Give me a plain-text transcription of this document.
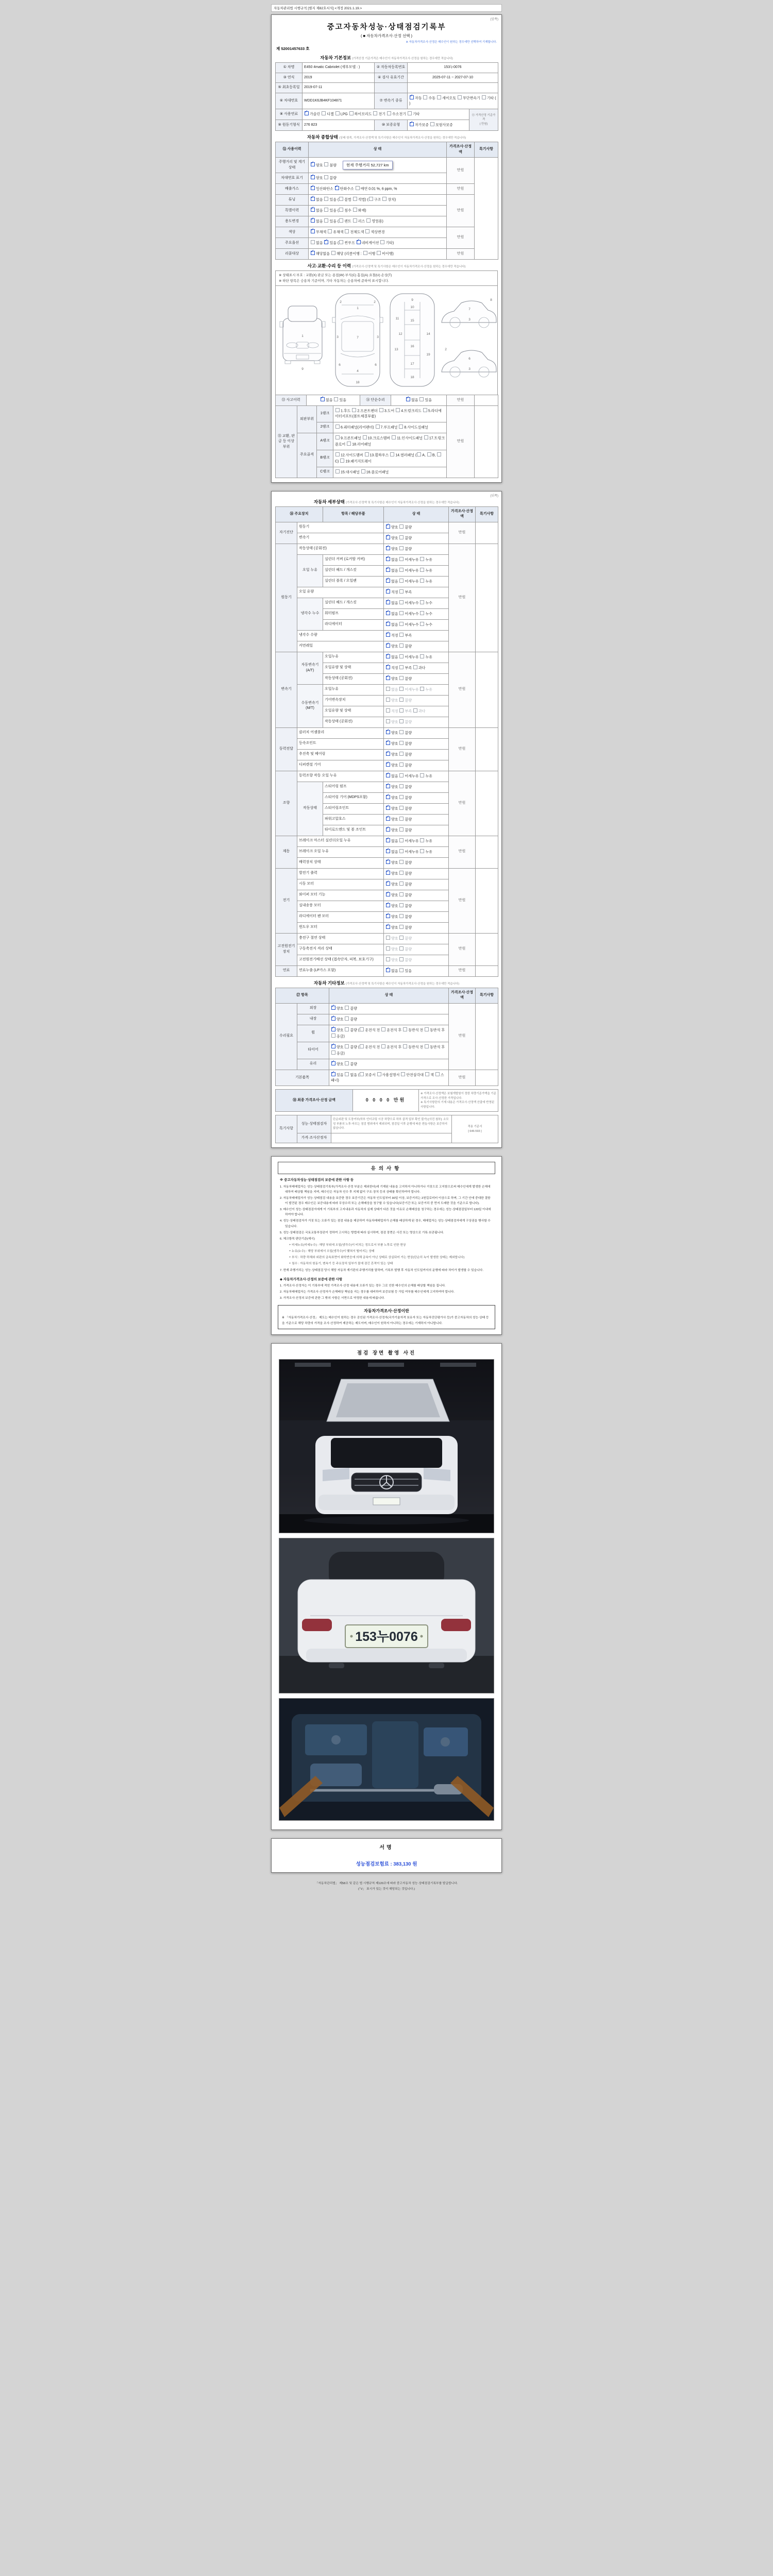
자동차관리법 시행규칙 [별지 제82호서식] <개정 2021.1.19.>
(앞쪽)
중고자동차성능·상태점검기록부
( ■ 자동차가격조사·산정 선택 )
※ 자동차가격조사·산정은 매수인이 원하는 경우에만 선택하여 기재합니다.
제 52001457633 호
자동차 기본정보 (가격산정 기준가격은 매수인이 자동차가격조사·산정을 원하는 경우에만 적습니다)
① 차명	E450 4matic Cabriolet (세부모델 : )	② 자동차등록번호	153누0076	
③ 연식	2019	④ 검사 유효기간	2025-07-11 ~ 2027-07-10	
⑤ 최초등록일	2019-07-11			
⑥ 차대번호	WDD1K6JB4KF104871	⑦ 변속기 종류	✓자동 수동 세미오토 무단변속기 기타 ( )
⑧ 사용연료	✓가솔린 디젤 LPG 하이브리드 전기 수소전기 기타			⑪ 가격산정 기준가격
( 만원)
⑨ 원동기형식	276 823	⑩ 보증유형	✓자가보증 보험사보증
자동차 종합상태 (상태·항목, 가격조사·산정액 및 특기사항은 매수인이 자동차가격조사·산정을 원하는 경우에만 적습니다)
⑫ 사용이력	상 태	가격조사·산정액	특기사항
주행거리 및 계기상태	✓양호 불량 현재 주행거리 52,727 km	만원	
차대번호 표기	✓양호 불량
배출가스	✓일산화탄소 ✓탄화수소 매연 0.01 %, 6 ppm, %	만원	
튜닝	✓없음 있음 ( 불법 적법) ( 구조 장치)	만원	
특별이력	✓없음 있음 ( 침수 화재)
용도변경	✓없음 있음 ( 렌트 리스 영업용)
색상	✓무채색 유채색 전체도색 색상변경	만원	
주요옵션	없음 ✓있음 ( 썬루프 ✓네비게이션 기타)
리콜대상	✓해당없음 해당 (리콜이행 : 이행 미이행)	만원	
사고·교환·수리 등 이력 (가격조사·산정액 및 특기사항은 매수인이 자동차가격조사·산정을 원하는 경우에만 적습니다)
※ 상태표시 부호 : 교환(X) 판금 또는 용접(W) 부식(C) 흠집(A) 요철(U) 손상(T)
※ 하단 항목은 승용차 기준이며, 기타 자동차는 승용차에 준하여 표시합니다.
1
9
1
2	2
3	3
7
6	6
4
18
9
10
11
12
13
14
15
16
17
18
19
7
3
8
6
3
2
⑬ 사고이력	✓없음 있음	⑭ 단순수리	✓없음 있음	만원	
⑮ 교환, 판금 등 이상 부위	외판부위	1랭크	1.후드 2.프론트펜더 3.도어 4.트렁크리드 5.라디에이터서포트(볼트체결부품)	만원	
		2랭크	6.쿼터패널(리어펜더) 7.루프패널 8.사이드실패널		
	주요골격	A랭크	9.프론트패널 10.크로스멤버 11.인사이드패널 17.트렁크플로어 18.리어패널		
		B랭크	12.사이드멤버 13.휠하우스 14.필러패널 ( A, B, C) 19.패키지트레이		
		C랭크	15.대시패널 16.플로어패널		
(뒤쪽)
자동차 세부상태 (가격조사·산정액 및 특기사항은 매수인이 자동차가격조사·산정을 원하는 경우에만 적습니다)
⑯ 주요장치		항목 / 해당부품	상 태	가격조사·산정액	특기사항
자기진단	원동기	✓양호 불량	만원	
	변속기	✓양호 불량
원동기	작동상태 (공회전)	✓양호 불량	만원	
	오일 누유	실린더 커버 (로커암 커버)	✓없음 미세누유 누유
		실린더 헤드 / 개스킷	✓없음 미세누유 누유
		실린더 블록 / 오일팬	✓없음 미세누유 누유
	오일 유량	✓적정 부족
	냉각수 누수	실린더 헤드 / 개스킷	✓없음 미세누수 누수
		워터펌프	✓없음 미세누수 누수
		라디에이터	✓없음 미세누수 누수
	냉각수 수량	✓적정 부족
	커먼레일	✓양호 불량
변속기	자동변속기 (A/T)	오일누유	✓없음 미세누유 누유	만원	
		오일유량 및 상태	✓적정 부족 과다
		작동상태 (공회전)	✓양호 불량
	수동변속기 (M/T)	오일누유	없음 미세누유 누유		
		기어변속장치	양호 불량		
		오일유량 및 상태	적정 부족 과다		
		작동상태 (공회전)	양호 불량		
동력전달	클러치 어셈블리	✓양호 불량	만원	
	등속조인트	✓양호 불량
	추진축 및 베어링	✓양호 불량
	디퍼렌셜 기어	✓양호 불량
조향	동력조향 작동 오일 누유	✓없음 미세누유 누유	만원	
	작동상태	스티어링 펌프	✓양호 불량
		스티어링 기어 (MDPS포함)	✓양호 불량
		스티어링조인트	✓양호 불량
		파워고압호스	✓양호 불량
		타이로드엔드 및 볼 조인트	✓양호 불량
제동	브레이크 마스터 실린더오일 누유	✓없음 미세누유 누유	만원	
	브레이크 오일 누유	✓없음 미세누유 누유
	배력장치 상태	✓양호 불량
전기	발전기 출력	✓양호 불량	만원	
	시동 모터	✓양호 불량
	와이퍼 모터 기능	✓양호 불량
	실내송풍 모터	✓양호 불량
	라디에이터 팬 모터	✓양호 불량
	윈도우 모터	✓양호 불량
고전원전기장치	충전구 절연 상태		양호 불량	만원	
	구동축전지 격리 상태		양호 불량		
	고전원전기배선 상태 (접속단자, 피복, 보호기구)		양호 불량		
연료	연료누출 (LP가스 포함)	✓없음 있음	만원	
자동차 기타정보 (가격조사·산정액 및 특기사항은 매수인이 자동차가격조사·산정을 원하는 경우에만 적습니다)
⑰ 항목		상 태	가격조사·산정액	특기사항
수리필요	외장	✓양호 불량	만원	
	내장	✓양호 불량
	휠	✓양호 불량 ( 운전석 전 운전석 후 동반석 전 동반석 후 응급)
	타이어	✓양호 불량 ( 운전석 전 운전석 후 동반석 전 동반석 후 응급)
	유리	✓양호 불량
기본품목	✓있음 없음 ( 보증서 사용설명서 안전삼각대 잭 스패너)	만원	
⑱ 최종 가격조사·산정 금액	0 0 0 0 만원	※ 가격조사·산정액은 보험개발원이 정한 차량기준가액을 기준가격으로 조사·산정한 가격입니다.
※ 특기사항란의 기재 내용은 가격조사·산정액 산출에 반영된 사항입니다.
특기사항	성능·상태점검자	단순외판 및 도장여부(하부 언더코팅 시공 차량으로 하부 골격 일부 확인 불가) [사진 첨부]. 소모성 부품의 노후·마모는 점검 범위에서 제외되며, 점검일 이후 운행에 따른 변동사항은 보증하지 않습니다.	적용 기준서
[ 646-593 ]
	가격·조사산정자		
유의사항
※ 중고자동차성능·상태점검의 보증에 관한 사항 등
1. 자동차매매업자는 성능·상태점검기록부(가격조사·산정 부분은 제외한다)에 기재된 내용을 고지하지 아니하거나 거짓으로 고지함으로써 매수인에게 발생한 손해에 대하여 배상할 책임을 지며, 매수인은 자동차 인수 후 지체 없이 구조·장치 등의 상태를 확인하여야 합니다.
2. 자동차매매업자가 성능·상태점검 내용을 보증한 경우 보증기간은 자동차 인도일부터 30일 이상, 보증거리는 2천킬로미터 이상으로 하며, 그 기간 안에 중대한 결함이 발견된 경우 매수인은 보증내용에 따라 무상수리 또는 손해배상을 청구할 수 있습니다(보증기간 또는 보증거리 중 먼저 도래한 것을 기준으로 합니다).
3. 매수인이 성능·상태점검자에게 이 기록부의 고지내용과 자동차의 실제 상태가 다른 것을 이유로 손해배상을 청구하는 경우에는 성능·상태점검일부터 120일 이내에 하여야 합니다.
4. 성능·상태점검자가 거짓 또는 오류가 있는 점검 내용을 제공하여 자동차매매업자가 손해를 배상하게 된 경우, 매매업자는 성능·상태점검자에게 구상권을 행사할 수 있습니다.
5. 성능·상태점검은 국토교통부장관이 정하여 고시하는 방법에 따라 실시하며, 점검 장면은 사진 또는 영상으로 기록·보관됩니다.
6. 체크항목 판단기준(예시)
‣ 미세누유(미세누수) : 해당 부위에 오일(냉각수)이 비치는 정도로서 부품 노후로 인한 현상
‣ 누유(누수) : 해당 부위에서 오일(냉각수)이 맺혀서 떨어지는 상태
‣ 부식 : 차량 하체와 외판의 금속표면이 화학반응에 의해 금속이 아닌 상태로 상실되어 가는 현상(단순히 녹이 발생한 상태는 제외합니다)
‣ 침수 : 자동차의 원동기, 변속기 등 주요장치 일부가 물에 잠긴 흔적이 있는 상태
7. 현재 주행거리는 성능·상태점검 당시 해당 자동차 계기판의 주행거리를 말하며, 기록부 발행 후 자동차 인도일까지의 운행에 따라 차이가 발생할 수 있습니다.
◆ 자동차가격조사·산정의 보증에 관한 사항
1. 가격조사·산정자는 이 기록부에 적힌 가격조사·산정 내용에 오류가 있는 경우 그로 인한 매수인의 손해를 배상할 책임을 집니다.
2. 자동차매매업자는 가격조사·산정자가 손해배상 책임을 지는 경우를 대비하여 보증보험 등 가입 여부를 매수인에게 고지하여야 합니다.
3. 가격조사·산정의 보증에 관한 그 밖의 사항은 서면으로 약정한 내용에 따릅니다.
자동차가격조사·산정이란
※ 「자동차가격조사·산정」 제도는 매수인이 원하는 경우 공인된 가격조사·산정자(국가기술자격 보유자 또는 자동차진단평가사 등)가 중고자동차의 성능·상태 등을 기준으로 해당 차량의 가격을 조사·산정하여 제공하는 제도이며, 매수인이 원하지 아니하는 경우에는 기재하지 아니합니다.
점검 장면 촬영 사진
153누0076
서명
성능점검보험료 : 383,130 원
「자동차관리법」 제58조 및 같은 법 시행규칙 제120조에 따라 중고자동차 성능·상태점검기록부를 발급합니다.
(「V」 표시가 있는 것이 해당되는 것입니다.)
